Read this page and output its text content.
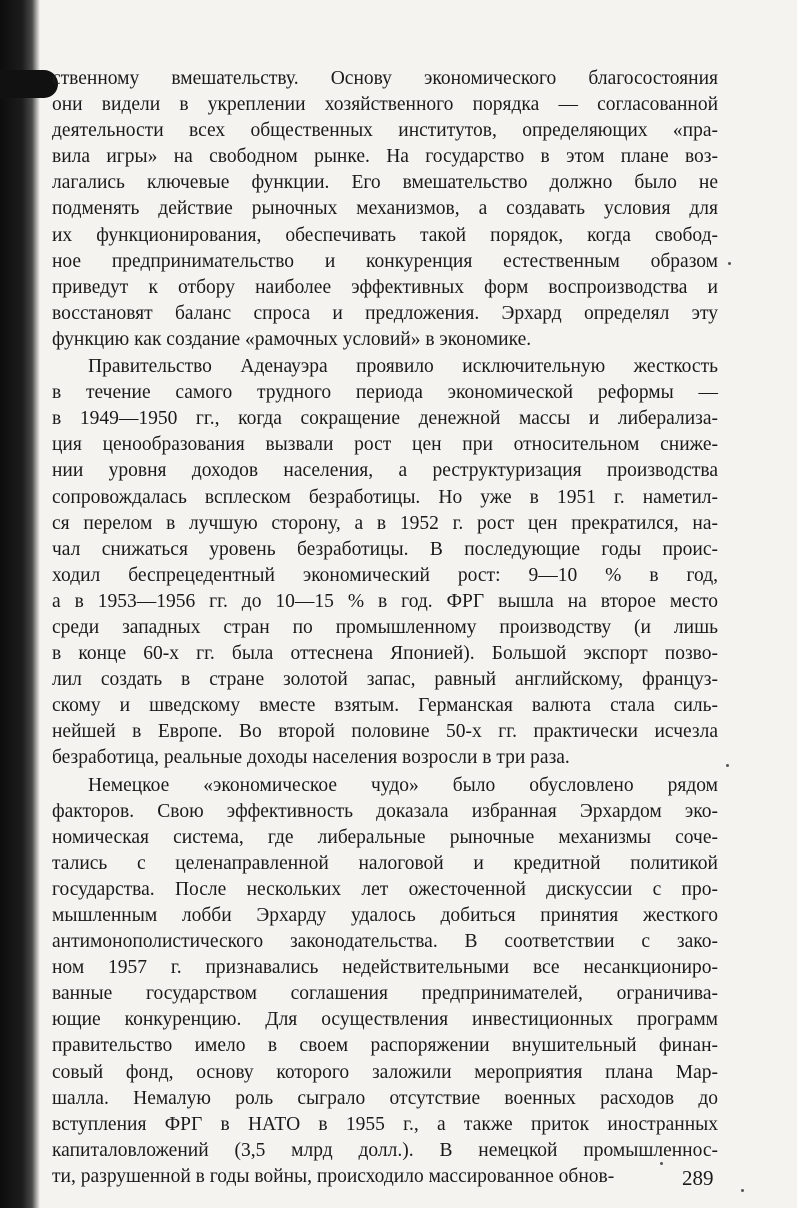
ственному вмешательству. Основу экономического благосостояния
они видели в укреплении хозяйственного порядка — согласованной
деятельности всех общественных институтов, определяющих «пра-
вила игры» на свободном рынке. На государство в этом плане воз-
лагались ключевые функции. Его вмешательство должно было не
подменять действие рыночных механизмов, а создавать условия для
их функционирования, обеспечивать такой порядок, когда свобод-
ное предпринимательство и конкуренция естественным образом
приведут к отбору наиболее эффективных форм воспроизводства и
восстановят баланс спроса и предложения. Эрхард определял эту
функцию как создание «рамочных условий» в экономике.
Правительство Аденауэра проявило исключительную жесткость
в течение самого трудного периода экономической реформы —
в 1949—1950 гг., когда сокращение денежной массы и либерализа-
ция ценообразования вызвали рост цен при относительном сниже-
нии уровня доходов населения, а реструктуризация производства
сопровождалась всплеском безработицы. Но уже в 1951 г. наметил-
ся перелом в лучшую сторону, а в 1952 г. рост цен прекратился, на-
чал снижаться уровень безработицы. В последующие годы проис-
ходил беспрецедентный экономический рост: 9—10 % в год,
а в 1953—1956 гг. до 10—15 % в год. ФРГ вышла на второе место
среди западных стран по промышленному производству (и лишь
в конце 60-х гг. была оттеснена Японией). Большой экспорт позво-
лил создать в стране золотой запас, равный английскому, француз-
скому и шведскому вместе взятым. Германская валюта стала силь-
нейшей в Европе. Во второй половине 50-х гг. практически исчезла
безработица, реальные доходы населения возросли в три раза.
Немецкое «экономическое чудо» было обусловлено рядом
факторов. Свою эффективность доказала избранная Эрхардом эко-
номическая система, где либеральные рыночные механизмы соче-
тались с целенаправленной налоговой и кредитной политикой
государства. После нескольких лет ожесточенной дискуссии с про-
мышленным лобби Эрхарду удалось добиться принятия жесткого
антимонополистического законодательства. В соответствии с зако-
ном 1957 г. признавались недействительными все несанкциониро-
ванные государством соглашения предпринимателей, ограничива-
ющие конкуренцию. Для осуществления инвестиционных программ
правительство имело в своем распоряжении внушительный финан-
совый фонд, основу которого заложили мероприятия плана Мар-
шалла. Немалую роль сыграло отсутствие военных расходов до
вступления ФРГ в НАТО в 1955 г., а также приток иностранных
капиталовложений (3,5 млрд долл.). В немецкой промышленнос-
ти, разрушенной в годы войны, происходило массированное обнов-	289
